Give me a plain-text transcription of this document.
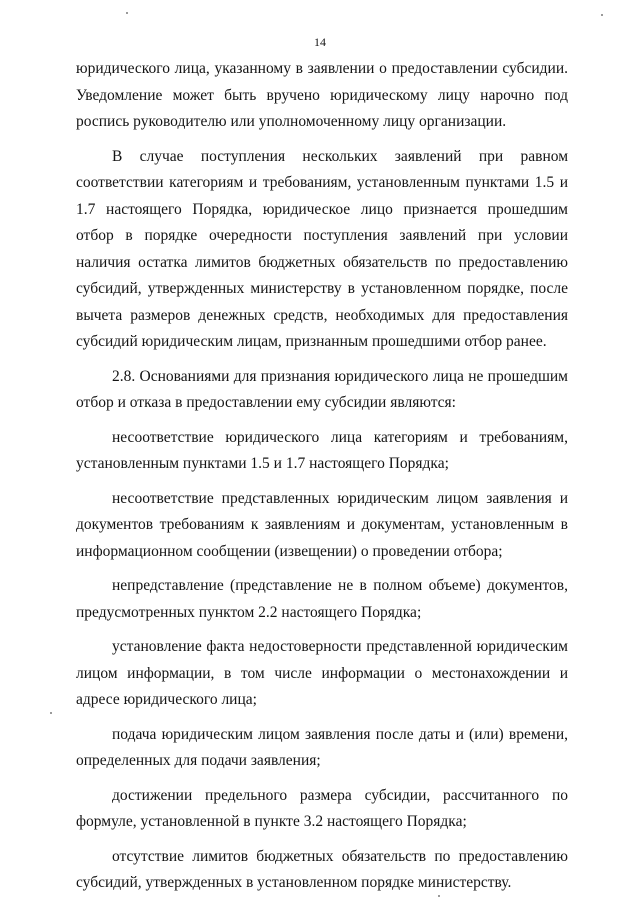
14

юридического лица, указанному в заявлении о предоставлении субсидии. Уведомление может быть вручено юридическому лицу нарочно под роспись руководителю или уполномоченному лицу организации.

В случае поступления нескольких заявлений при равном соответствии категориям и требованиям, установленным пунктами 1.5 и 1.7 настоящего Порядка, юридическое лицо признается прошедшим отбор в порядке очередности поступления заявлений при условии наличия остатка лимитов бюджетных обязательств по предоставлению субсидий, утвержденных министерству в установленном порядке, после вычета размеров денежных средств, необходимых для предоставления субсидий юридическим лицам, признанным прошедшими отбор ранее.

2.8. Основаниями для признания юридического лица не прошедшим отбор и отказа в предоставлении ему субсидии являются:

несоответствие юридического лица категориям и требованиям, установленным пунктами 1.5 и 1.7 настоящего Порядка;

несоответствие представленных юридическим лицом заявления и документов требованиям к заявлениям и документам, установленным в информационном сообщении (извещении) о проведении отбора;

непредставление (представление не в полном объеме) документов, предусмотренных пунктом 2.2 настоящего Порядка;

установление факта недостоверности представленной юридическим лицом информации, в том числе информации о местонахождении и адресе юридического лица;

подача юридическим лицом заявления после даты и (или) времени, определенных для подачи заявления;

достижении предельного размера субсидии, рассчитанного по формуле, установленной в пункте 3.2 настоящего Порядка;

отсутствие лимитов бюджетных обязательств по предоставлению субсидий, утвержденных в установленном порядке министерству.
